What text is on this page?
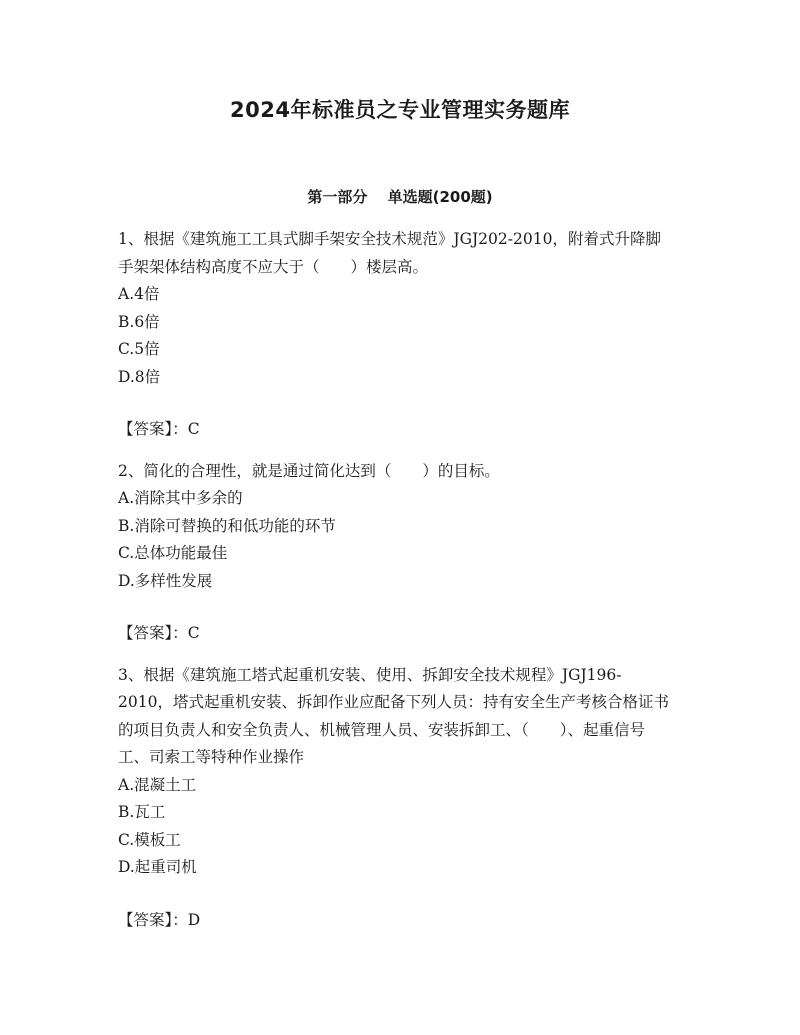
2024年标准员之专业管理实务题库
第一部分　 单选题(200题)

1、根据《建筑施工工具式脚手架安全技术规范》JGJ202-2010，附着式升降脚手架架体结构高度不应大于（　　）楼层高。

A.4倍

B.6倍

C.5倍

D.8倍

【答案】：C

2、简化的合理性，就是通过简化达到（　　）的目标。

A.消除其中多余的

B.消除可替换的和低功能的环节

C.总体功能最佳

D.多样性发展

【答案】：C

3、根据《建筑施工塔式起重机安装、使用、拆卸安全技术规程》JGJ196-2010，塔式起重机安装、拆卸作业应配备下列人员：持有安全生产考核合格证书的项目负责人和安全负责人、机械管理人员、安装拆卸工、（　　）、起重信号工、司索工等特种作业操作

A.混凝土工

B.瓦工

C.模板工

D.起重司机

【答案】：D
